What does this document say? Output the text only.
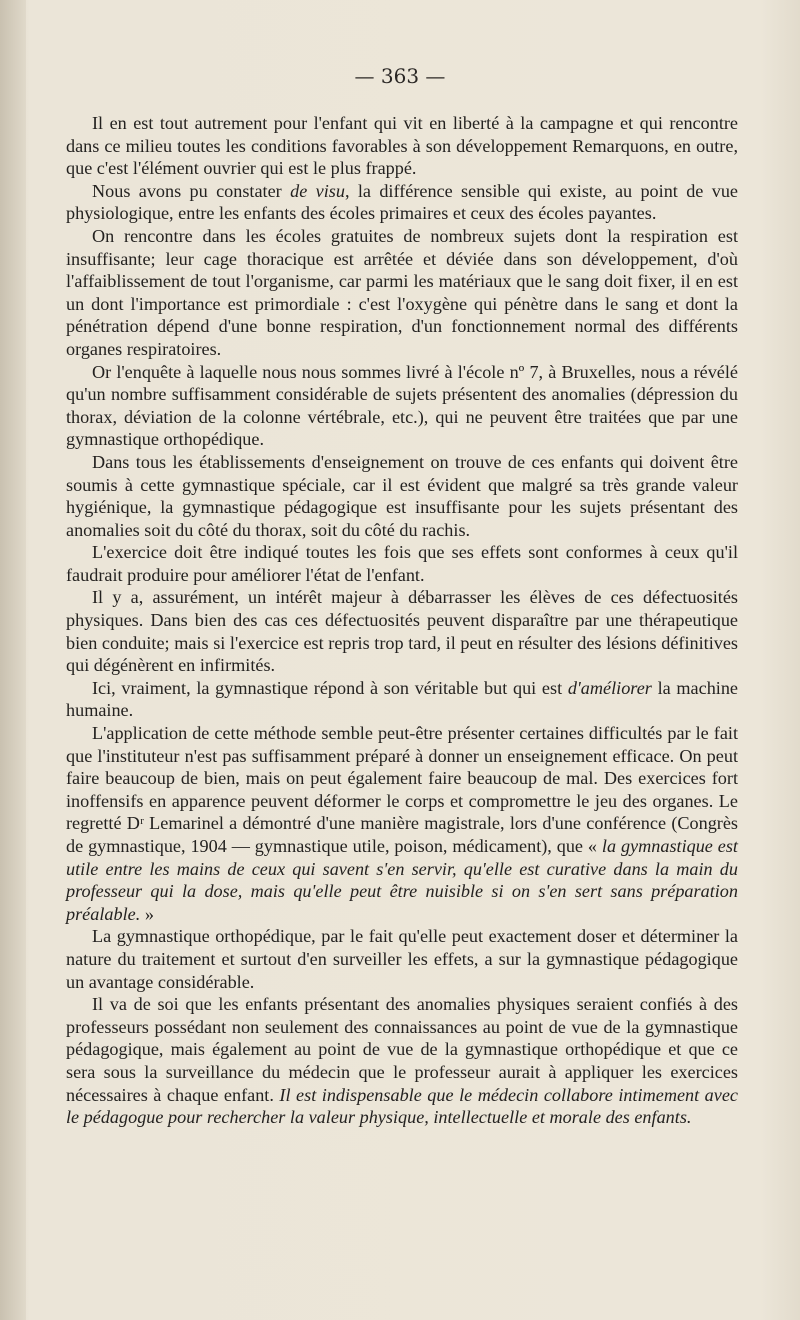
— 363 —

Il en est tout autrement pour l'enfant qui vit en liberté à la campagne et qui rencontre dans ce milieu toutes les conditions favorables à son développement Remarquons, en outre, que c'est l'élément ouvrier qui est le plus frappé.

Nous avons pu constater de visu, la différence sensible qui existe, au point de vue physiologique, entre les enfants des écoles primaires et ceux des écoles payantes.

On rencontre dans les écoles gratuites de nombreux sujets dont la respiration est insuffisante; leur cage thoracique est arrêtée et déviée dans son développement, d'où l'affaiblissement de tout l'organisme, car parmi les matériaux que le sang doit fixer, il en est un dont l'importance est primordiale : c'est l'oxygène qui pénètre dans le sang et dont la pénétration dépend d'une bonne respiration, d'un fonctionnement normal des différents organes respiratoires.

Or l'enquête à laquelle nous nous sommes livré à l'école nº 7, à Bruxelles, nous a révélé qu'un nombre suffisamment considérable de sujets présentent des anomalies (dépression du thorax, déviation de la colonne vértébrale, etc.), qui ne peuvent être traitées que par une gymnastique orthopédique.

Dans tous les établissements d'enseignement on trouve de ces enfants qui doivent être soumis à cette gymnastique spéciale, car il est évident que malgré sa très grande valeur hygiénique, la gymnastique pédagogique est insuffisante pour les sujets présentant des anomalies soit du côté du thorax, soit du côté du rachis.

L'exercice doit être indiqué toutes les fois que ses effets sont conformes à ceux qu'il faudrait produire pour améliorer l'état de l'enfant.

Il y a, assurément, un intérêt majeur à débarrasser les élèves de ces défectuosités physiques. Dans bien des cas ces défectuosités peuvent disparaître par une thérapeutique bien conduite; mais si l'exercice est repris trop tard, il peut en résulter des lésions définitives qui dégénèrent en infirmités.

Ici, vraiment, la gymnastique répond à son véritable but qui est d'améliorer la machine humaine.

L'application de cette méthode semble peut-être présenter certaines difficultés par le fait que l'instituteur n'est pas suffisamment préparé à donner un enseignement efficace. On peut faire beaucoup de bien, mais on peut également faire beaucoup de mal. Des exercices fort inoffensifs en apparence peuvent déformer le corps et compromettre le jeu des organes. Le regretté Dʳ Lemarinel a démontré d'une manière magistrale, lors d'une conférence (Congrès de gymnastique, 1904 — gymnastique utile, poison, médicament), que « la gymnastique est utile entre les mains de ceux qui savent s'en servir, qu'elle est curative dans la main du professeur qui la dose, mais qu'elle peut être nuisible si on s'en sert sans préparation préalable. »

La gymnastique orthopédique, par le fait qu'elle peut exactement doser et déterminer la nature du traitement et surtout d'en surveiller les effets, a sur la gymnastique pédagogique un avantage considérable.

Il va de soi que les enfants présentant des anomalies physiques seraient confiés à des professeurs possédant non seulement des connaissances au point de vue de la gymnastique pédagogique, mais également au point de vue de la gymnastique orthopédique et que ce sera sous la surveillance du médecin que le professeur aurait à appliquer les exercices nécessaires à chaque enfant. Il est indispensable que le médecin collabore intimement avec le pédagogue pour rechercher la valeur physique, intellectuelle et morale des enfants.
